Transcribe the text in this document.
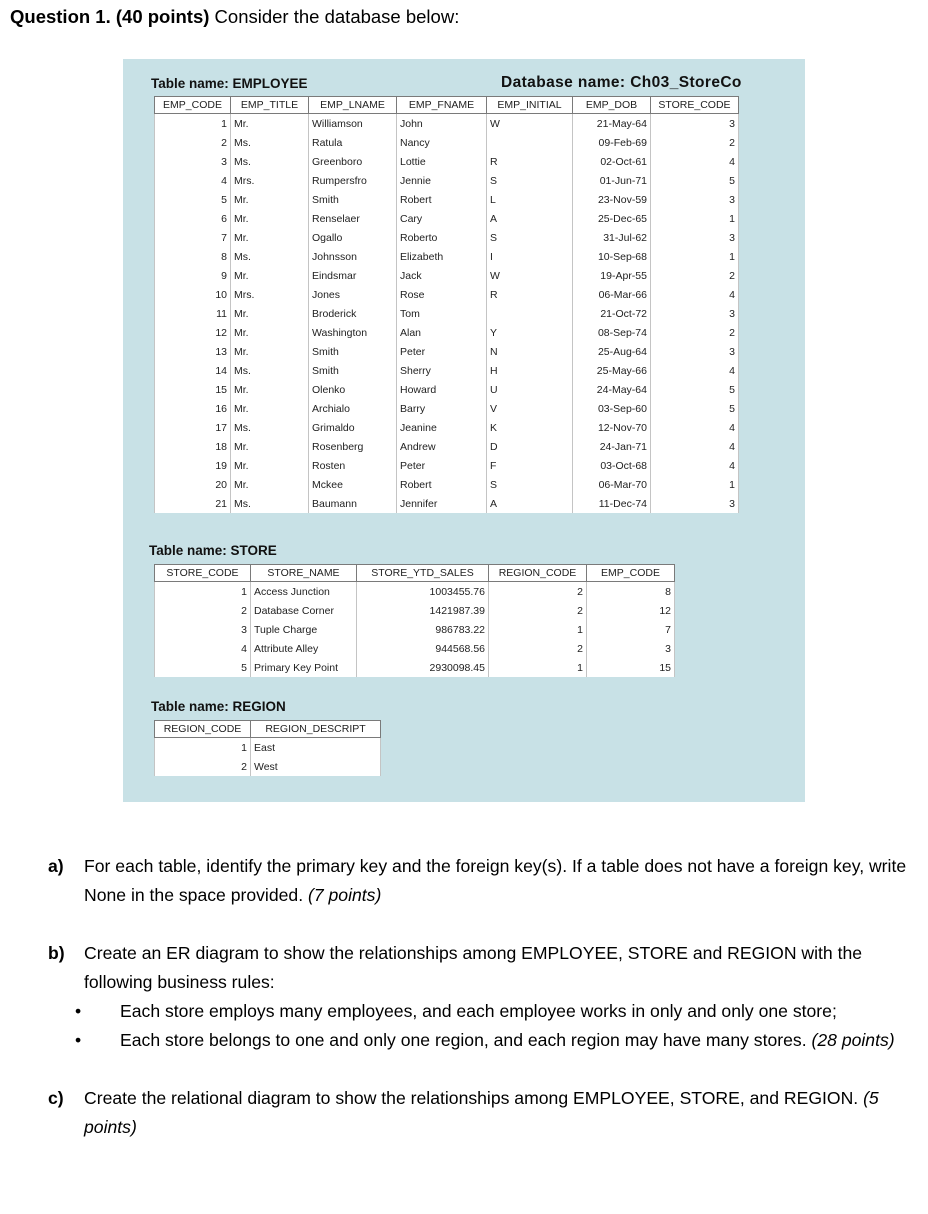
Question 1. (40 points) Consider the database below:
Table name: EMPLOYEE	Database name: Ch03_StoreCo
EMP_CODE	EMP_TITLE	EMP_LNAME	EMP_FNAME	EMP_INITIAL	EMP_DOB	STORE_CODE
1	Mr.	Williamson	John	W	21-May-64	3
2	Ms.	Ratula	Nancy		09-Feb-69	2
3	Ms.	Greenboro	Lottie	R	02-Oct-61	4
4	Mrs.	Rumpersfro	Jennie	S	01-Jun-71	5
5	Mr.	Smith	Robert	L	23-Nov-59	3
6	Mr.	Renselaer	Cary	A	25-Dec-65	1
7	Mr.	Ogallo	Roberto	S	31-Jul-62	3
8	Ms.	Johnsson	Elizabeth	I	10-Sep-68	1
9	Mr.	Eindsmar	Jack	W	19-Apr-55	2
10	Mrs.	Jones	Rose	R	06-Mar-66	4
11	Mr.	Broderick	Tom		21-Oct-72	3
12	Mr.	Washington	Alan	Y	08-Sep-74	2
13	Mr.	Smith	Peter	N	25-Aug-64	3
14	Ms.	Smith	Sherry	H	25-May-66	4
15	Mr.	Olenko	Howard	U	24-May-64	5
16	Mr.	Archialo	Barry	V	03-Sep-60	5
17	Ms.	Grimaldo	Jeanine	K	12-Nov-70	4
18	Mr.	Rosenberg	Andrew	D	24-Jan-71	4
19	Mr.	Rosten	Peter	F	03-Oct-68	4
20	Mr.	Mckee	Robert	S	06-Mar-70	1
21	Ms.	Baumann	Jennifer	A	11-Dec-74	3
Table name: STORE
STORE_CODE	STORE_NAME	STORE_YTD_SALES	REGION_CODE	EMP_CODE
1	Access Junction	1003455.76	2	8
2	Database Corner	1421987.39	2	12
3	Tuple Charge	986783.22	1	7
4	Attribute Alley	944568.56	2	3
5	Primary Key Point	2930098.45	1	15
Table name: REGION
REGION_CODE	REGION_DESCRIPT
1	East
2	West
a) For each table, identify the primary key and the foreign key(s). If a table does not have a foreign key, write None in the space provided. (7 points)
b) Create an ER diagram to show the relationships among EMPLOYEE, STORE and REGION with the following business rules:
• Each store employs many employees, and each employee works in only and only one store;
• Each store belongs to one and only one region, and each region may have many stores. (28 points)
c) Create the relational diagram to show the relationships among EMPLOYEE, STORE, and REGION. (5 points)
